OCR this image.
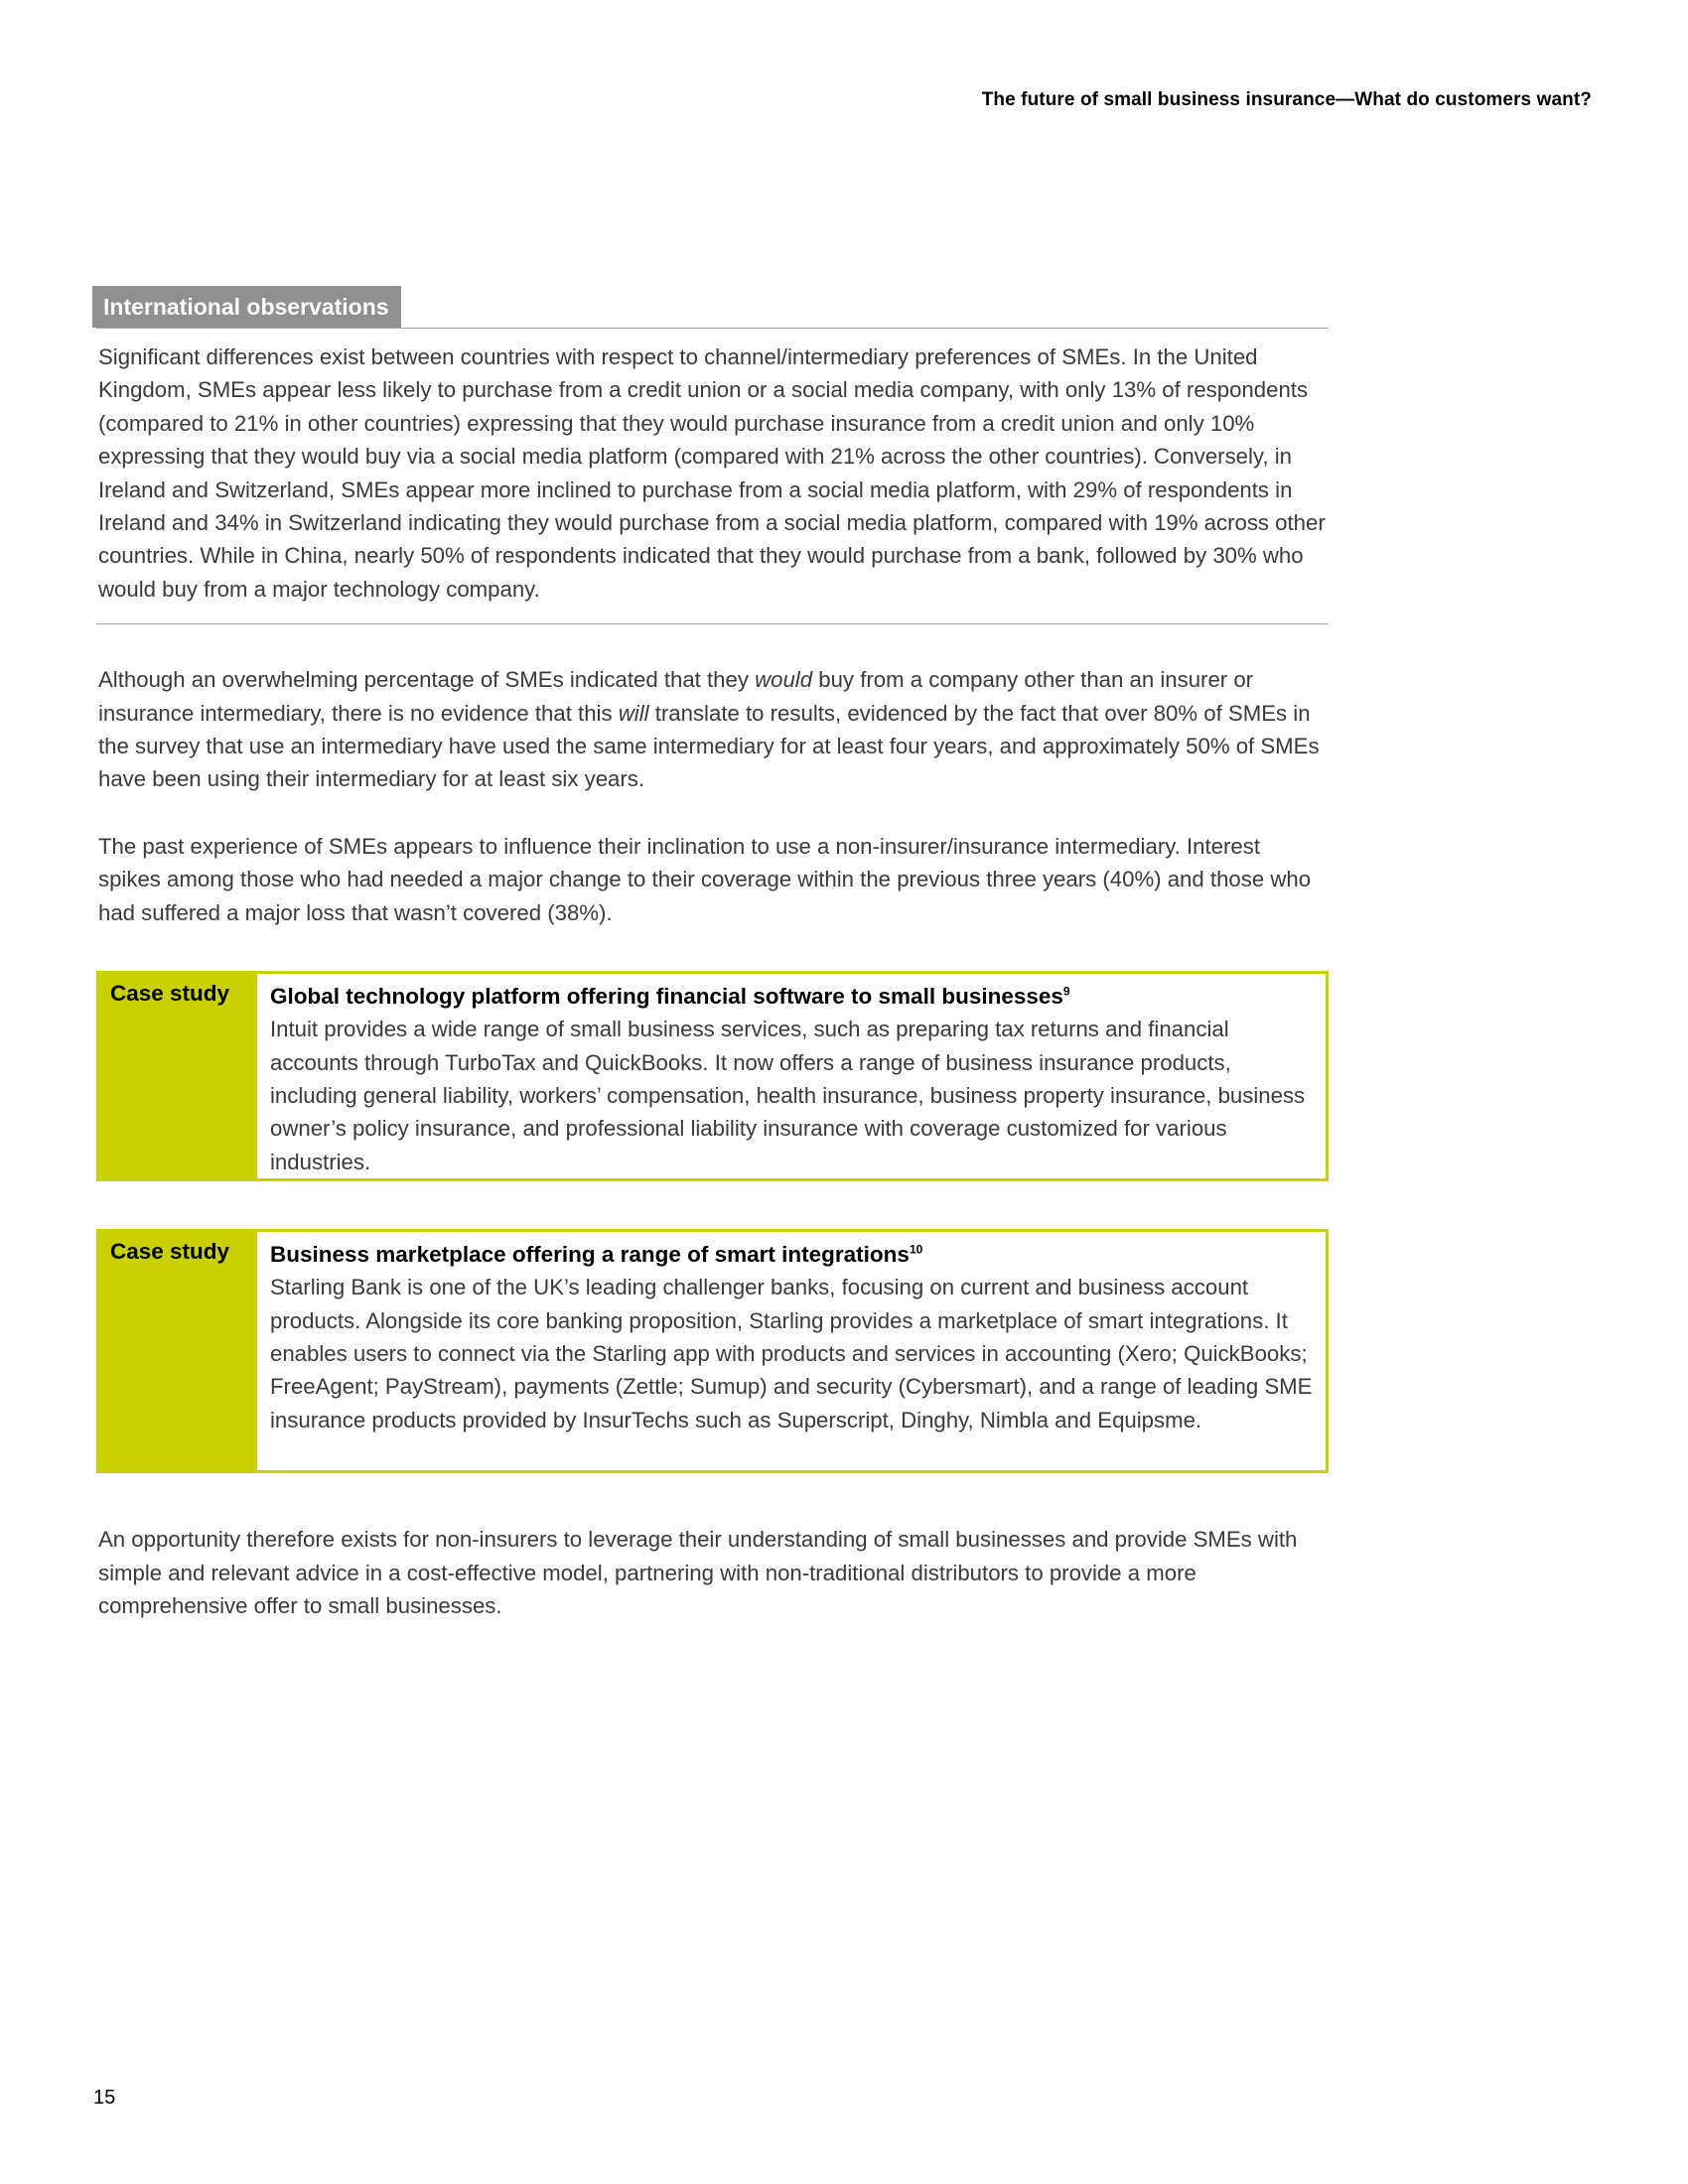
The future of small business insurance—What do customers want?
International observations

Significant differences exist between countries with respect to channel/intermediary preferences of SMEs. In the United Kingdom, SMEs appear less likely to purchase from a credit union or a social media company, with only 13% of respondents (compared to 21% in other countries) expressing that they would purchase insurance from a credit union and only 10% expressing that they would buy via a social media platform (compared with 21% across the other countries). Conversely, in Ireland and Switzerland, SMEs appear more inclined to purchase from a social media platform, with 29% of respondents in Ireland and 34% in Switzerland indicating they would purchase from a social media platform, compared with 19% across other countries. While in China, nearly 50% of respondents indicated that they would purchase from a bank, followed by 30% who would buy from a major technology company.

Although an overwhelming percentage of SMEs indicated that they would buy from a company other than an insurer or insurance intermediary, there is no evidence that this will translate to results, evidenced by the fact that over 80% of SMEs in the survey that use an intermediary have used the same intermediary for at least four years, and approximately 50% of SMEs have been using their intermediary for at least six years.

The past experience of SMEs appears to influence their inclination to use a non-insurer/insurance intermediary. Interest spikes among those who had needed a major change to their coverage within the previous three years (40%) and those who had suffered a major loss that wasn’t covered (38%).

Case study	Global technology platform offering financial software to small businesses$^9$

Intuit provides a wide range of small business services, such as preparing tax returns and financial accounts through TurboTax and QuickBooks. It now offers a range of business insurance products, including general liability, workers’ compensation, health insurance, business property insurance, business owner’s policy insurance, and professional liability insurance with coverage customized for various industries.

Case study	Business marketplace offering a range of smart integrations$^{10}$

Starling Bank is one of the UK’s leading challenger banks, focusing on current and business account products. Alongside its core banking proposition, Starling provides a marketplace of smart integrations. It enables users to connect via the Starling app with products and services in accounting (Xero; QuickBooks; FreeAgent; PayStream), payments (Zettle; Sumup) and security (Cybersmart), and a range of leading SME insurance products provided by InsurTechs such as Superscript, Dinghy, Nimbla and Equipsme.

An opportunity therefore exists for non-insurers to leverage their understanding of small businesses and provide SMEs with simple and relevant advice in a cost-effective model, partnering with non-traditional distributors to provide a more comprehensive offer to small businesses.

15
